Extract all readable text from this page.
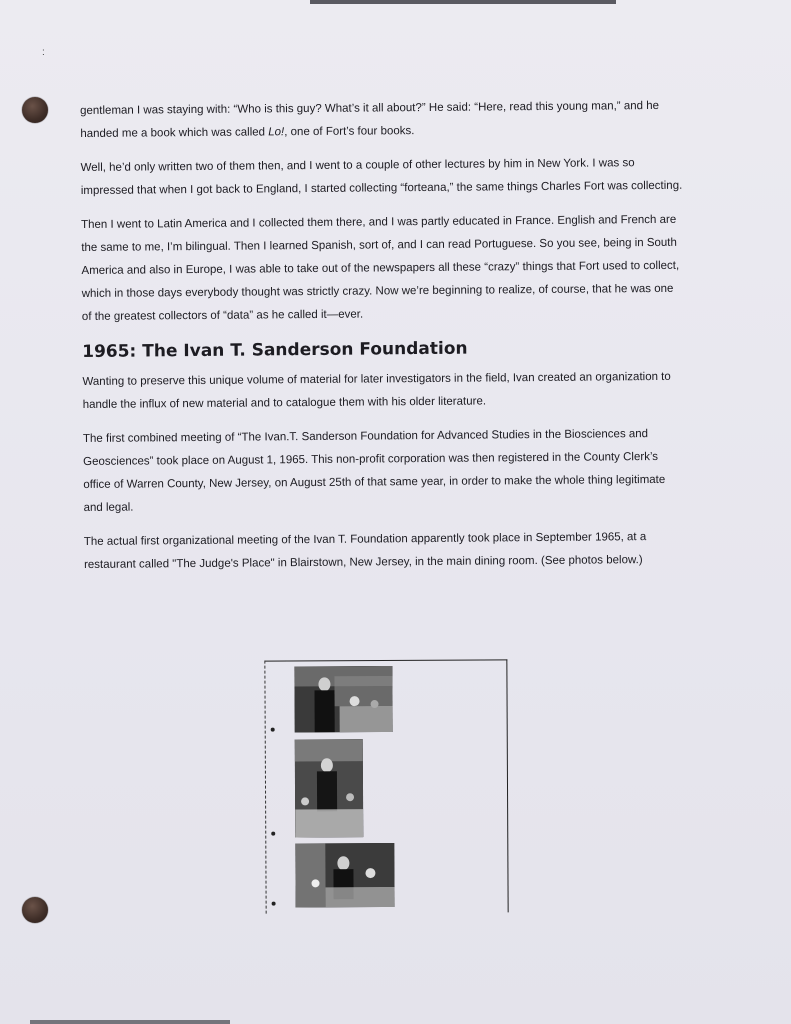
:

gentleman I was staying with: “Who is this guy? What’s it all about?” He said: “Here, read this young man,” and he handed me a book which was called Lo!, one of Fort’s four books.

Well, he’d only written two of them then, and I went to a couple of other lectures by him in New York. I was so impressed that when I got back to England, I started collecting “forteana,” the same things Charles Fort was collecting.

Then I went to Latin America and I collected them there, and I was partly educated in France. English and French are the same to me, I’m bilingual. Then I learned Spanish, sort of, and I can read Portuguese. So you see, being in South America and also in Europe, I was able to take out of the newspapers all these “crazy” things that Fort used to collect, which in those days everybody thought was strictly crazy. Now we’re beginning to realize, of course, that he was one of the greatest collectors of “data” as he called it—ever.

1965: The Ivan T. Sanderson Foundation

Wanting to preserve this unique volume of material for later investigators in the field, Ivan created an organization to handle the influx of new material and to catalogue them with his older literature.

The first combined meeting of “The Ivan.T. Sanderson Foundation for Advanced Studies in the Biosciences and Geosciences” took place on August 1, 1965. This non-profit corporation was then registered in the County Clerk’s office of Warren County, New Jersey, on August 25th of that same year, in order to make the whole thing legitimate and legal.

The actual first organizational meeting of the Ivan T. Foundation apparently took place in September 1965, at a restaurant called "The Judge's Place" in Blairstown, New Jersey, in the main dining room. (See photos below.)
